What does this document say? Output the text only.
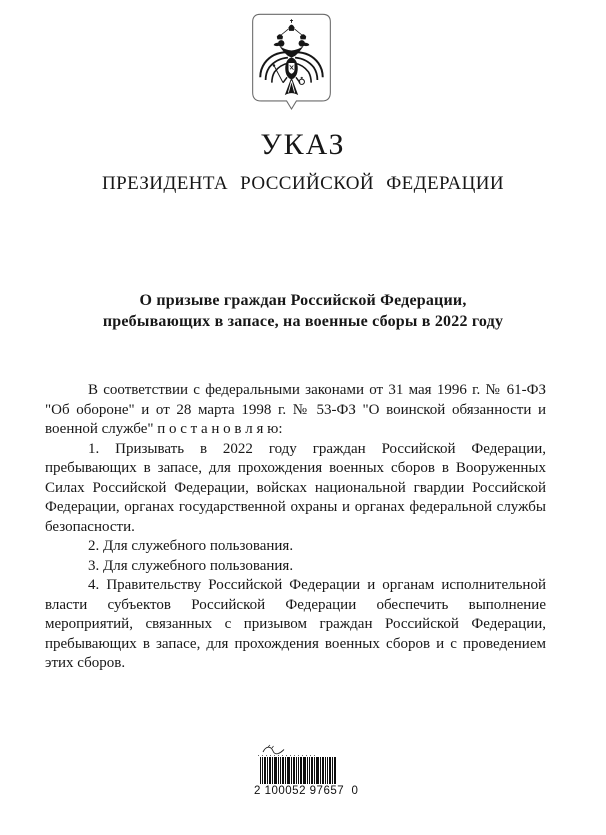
УКАЗ
ПРЕЗИДЕНТА РОССИЙСКОЙ ФЕДЕРАЦИИ
О призыве граждан Российской Федерации,
пребывающих в запасе, на военные сборы в 2022 году

В соответствии с федеральными законами от 31 мая 1996 г. № 61-ФЗ "Об обороне" и от 28 марта 1998 г. № 53-ФЗ "О воинской обязанности и военной службе" п о с т а н о в л я ю:

1. Призывать в 2022 году граждан Российской Федерации, пребывающих в запасе, для прохождения военных сборов в Вооруженных Силах Российской Федерации, войсках национальной гвардии Российской Федерации, органах государственной охраны и органах федеральной службы безопасности.

2. Для служебного пользования.

3. Для служебного пользования.

4. Правительству Российской Федерации и органам исполнительной власти субъектов Российской Федерации обеспечить выполнение мероприятий, связанных с призывом граждан Российской Федерации, пребывающих в запасе, для прохождения военных сборов и с проведением этих сборов.

2 100052 97657  0
